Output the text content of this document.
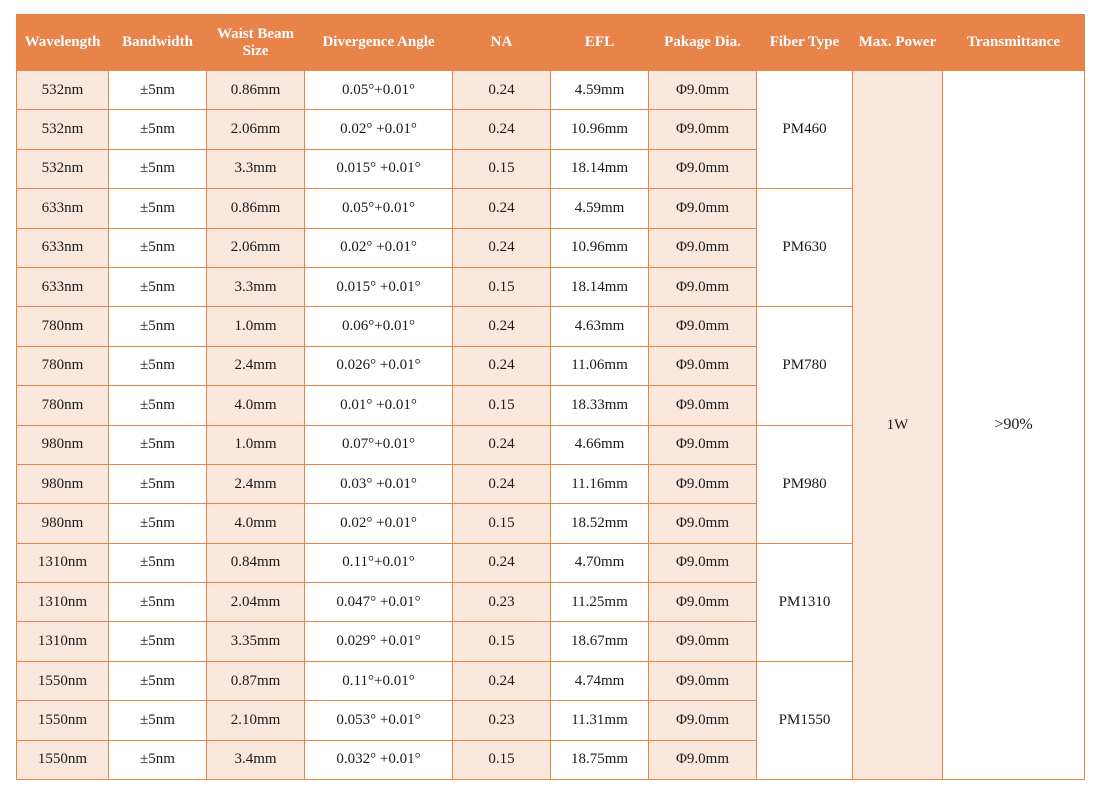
Wavelength	Bandwidth	Waist Beam Size	Divergence Angle	NA	EFL	Pakage Dia.	Fiber Type	Max. Power	Transmittance
532nm	±5nm	0.86mm	0.05°+0.01°	0.24	4.59mm	Φ9.0mm	PM460	1W	>90%
532nm	±5nm	2.06mm	0.02° +0.01°	0.24	10.96mm	Φ9.0mm			
532nm	±5nm	3.3mm	0.015° +0.01°	0.15	18.14mm	Φ9.0mm			
633nm	±5nm	0.86mm	0.05°+0.01°	0.24	4.59mm	Φ9.0mm	PM630		
633nm	±5nm	2.06mm	0.02° +0.01°	0.24	10.96mm	Φ9.0mm			
633nm	±5nm	3.3mm	0.015° +0.01°	0.15	18.14mm	Φ9.0mm			
780nm	±5nm	1.0mm	0.06°+0.01°	0.24	4.63mm	Φ9.0mm	PM780		
780nm	±5nm	2.4mm	0.026° +0.01°	0.24	11.06mm	Φ9.0mm			
780nm	±5nm	4.0mm	0.01° +0.01°	0.15	18.33mm	Φ9.0mm			
980nm	±5nm	1.0mm	0.07°+0.01°	0.24	4.66mm	Φ9.0mm	PM980		
980nm	±5nm	2.4mm	0.03° +0.01°	0.24	11.16mm	Φ9.0mm			
980nm	±5nm	4.0mm	0.02° +0.01°	0.15	18.52mm	Φ9.0mm			
1310nm	±5nm	0.84mm	0.11°+0.01°	0.24	4.70mm	Φ9.0mm	PM1310		
1310nm	±5nm	2.04mm	0.047° +0.01°	0.23	11.25mm	Φ9.0mm			
1310nm	±5nm	3.35mm	0.029° +0.01°	0.15	18.67mm	Φ9.0mm			
1550nm	±5nm	0.87mm	0.11°+0.01°	0.24	4.74mm	Φ9.0mm	PM1550		
1550nm	±5nm	2.10mm	0.053° +0.01°	0.23	11.31mm	Φ9.0mm			
1550nm	±5nm	3.4mm	0.032° +0.01°	0.15	18.75mm	Φ9.0mm			
